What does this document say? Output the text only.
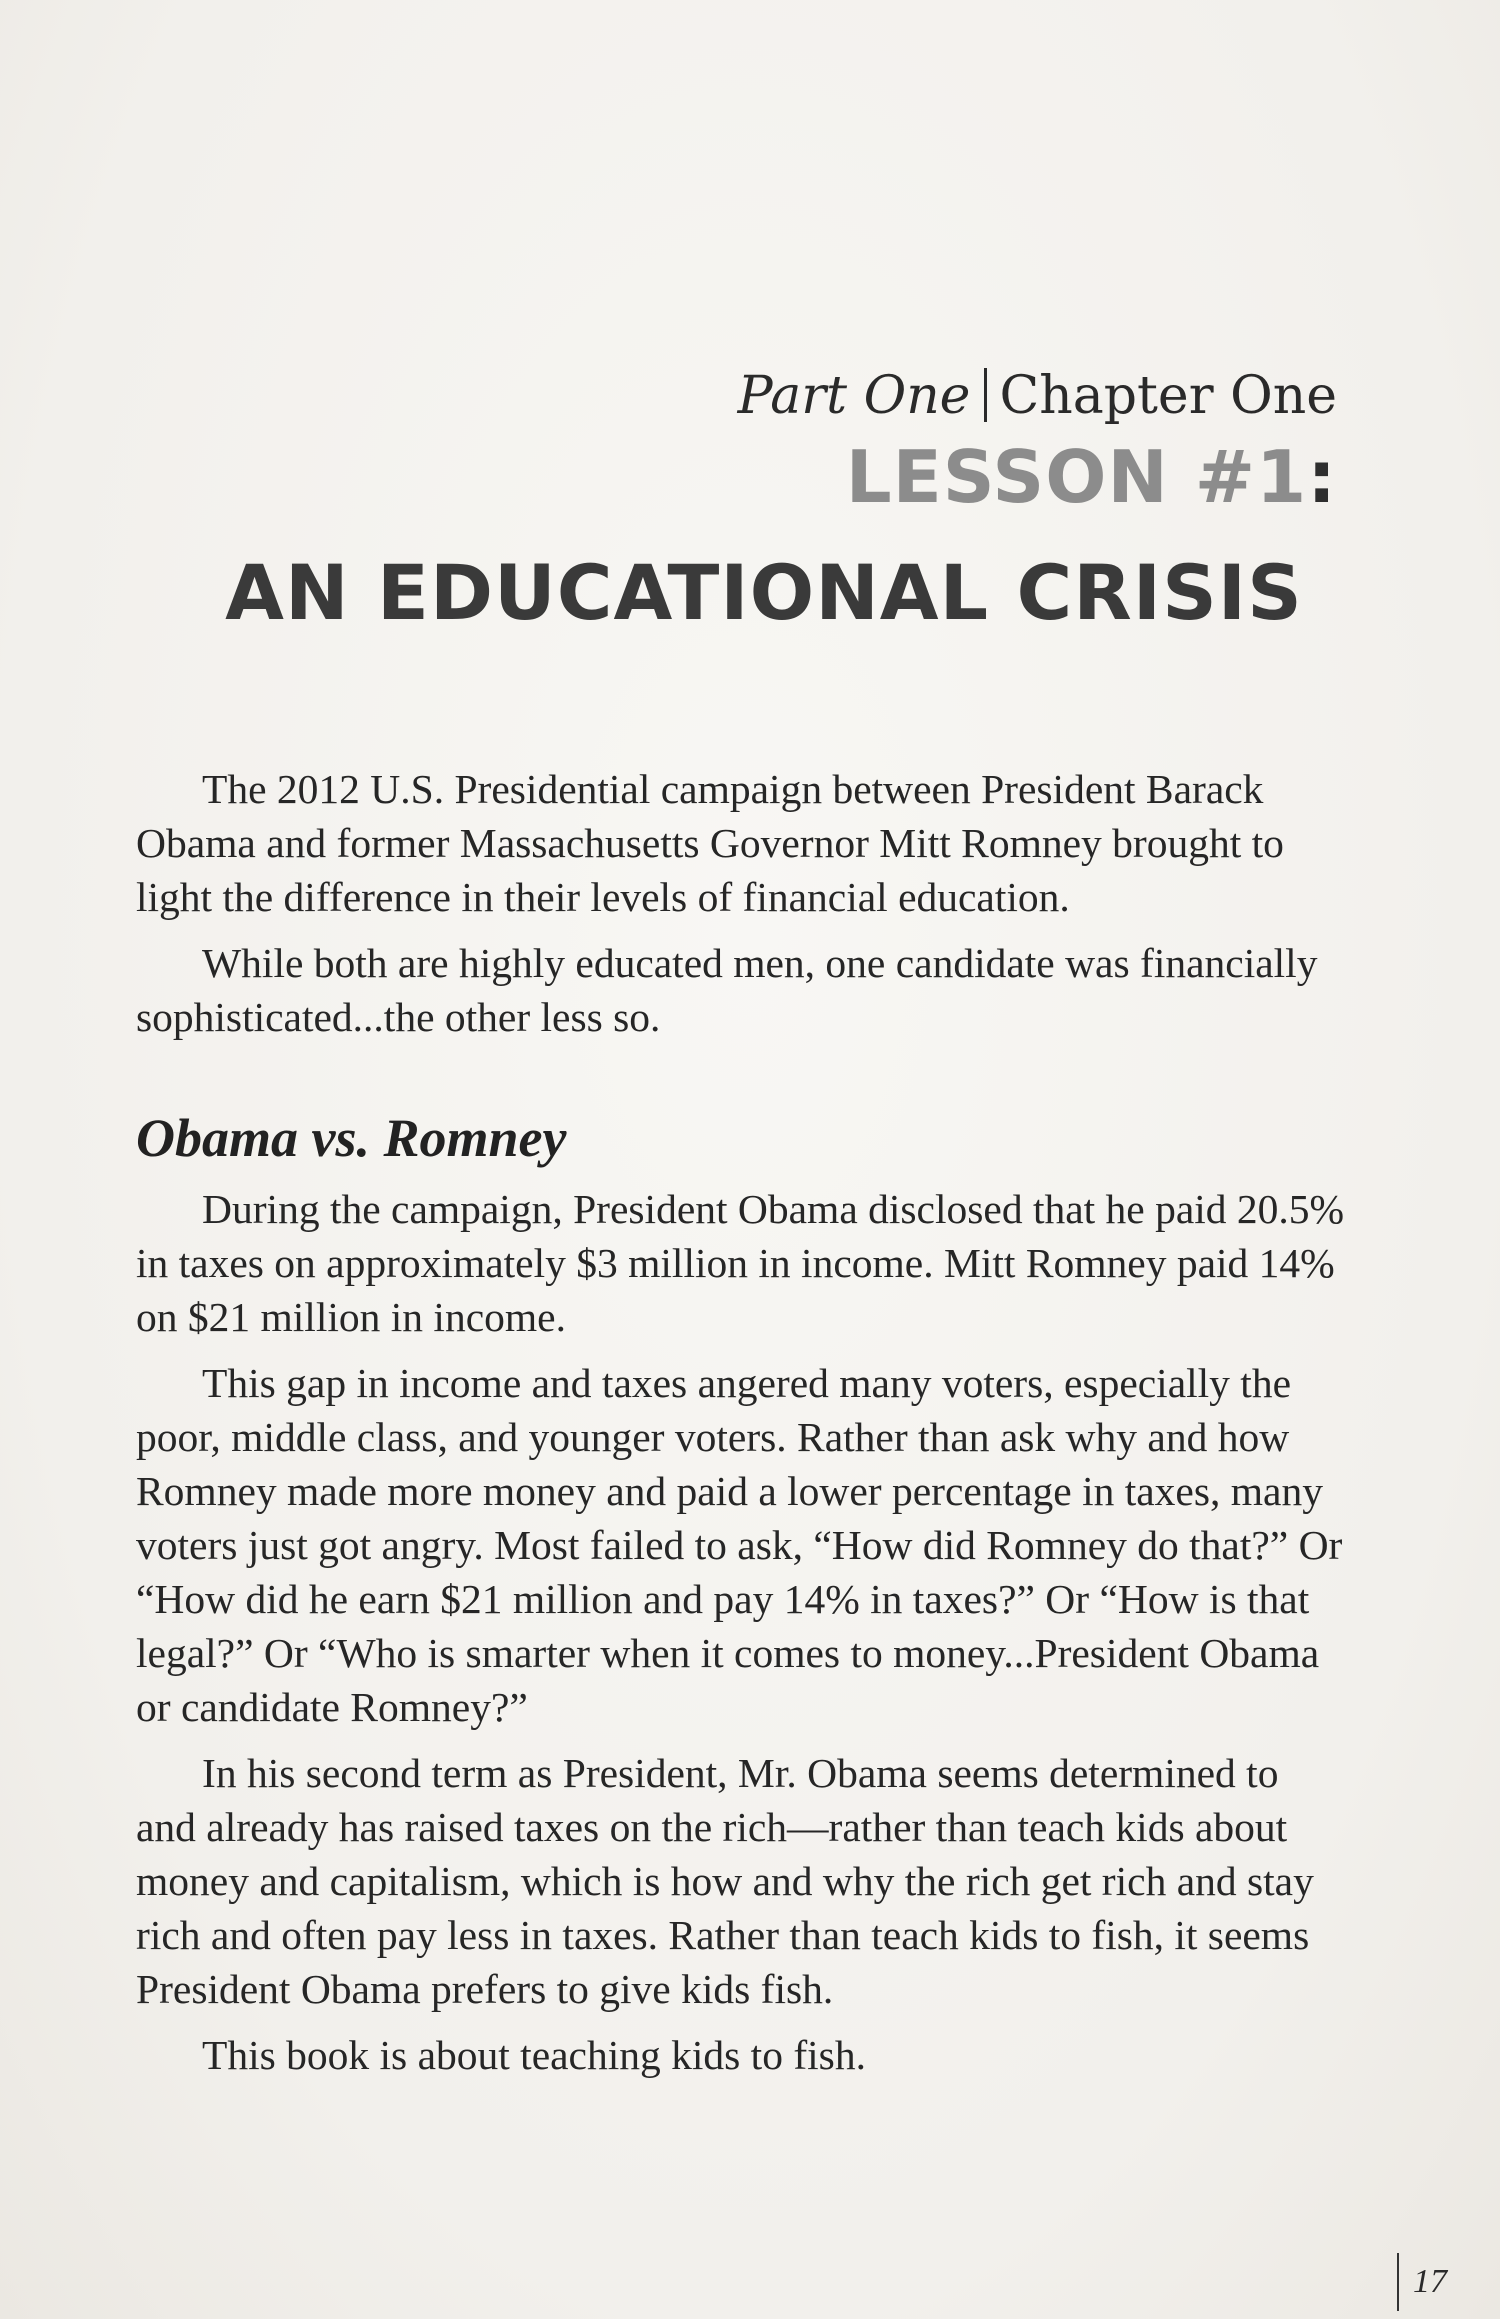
Part One Chapter One
LESSON #1:
AN EDUCATIONAL CRISIS

The 2012 U.S. Presidential campaign between President Barack Obama and former Massachusetts Governor Mitt Romney brought to light the difference in their levels of financial education.

While both are highly educated men, one candidate was financially sophisticated...the other less so.

Obama vs. Romney

During the campaign, President Obama disclosed that he paid 20.5% in taxes on approximately $3 million in income. Mitt Romney paid 14% on $21 million in income.

This gap in income and taxes angered many voters, especially the poor, middle class, and younger voters. Rather than ask why and how Romney made more money and paid a lower percentage in taxes, many voters just got angry. Most failed to ask, “How did Romney do that?” Or “How did he earn $21 million and pay 14% in taxes?” Or “How is that legal?” Or “Who is smarter when it comes to money...President Obama or candidate Romney?”

In his second term as President, Mr. Obama seems determined to and already has raised taxes on the rich—rather than teach kids about money and capitalism, which is how and why the rich get rich and stay rich and often pay less in taxes. Rather than teach kids to fish, it seems President Obama prefers to give kids fish.

This book is about teaching kids to fish.

17
